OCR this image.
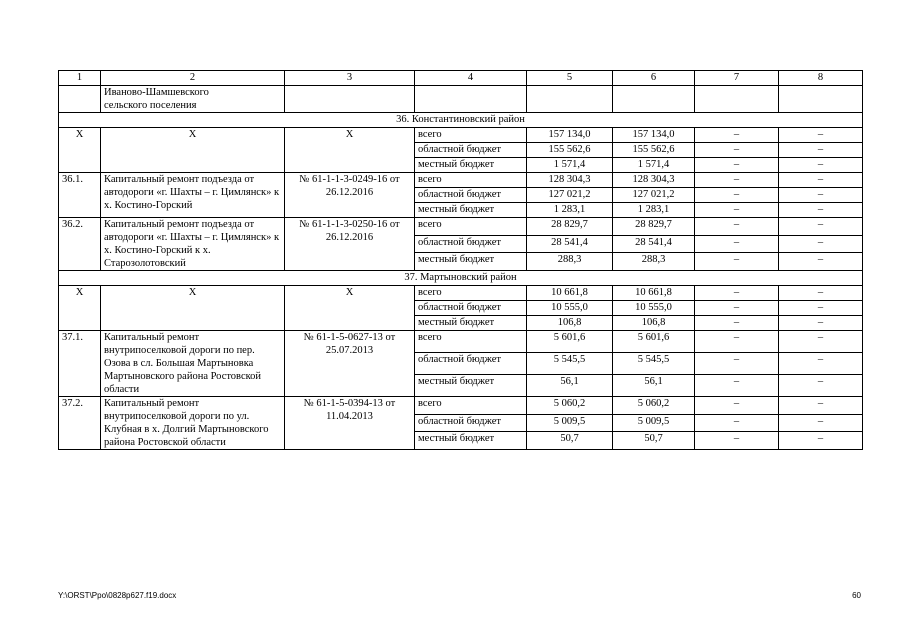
1	2	3	4	5	6	7	8
	Иваново-Шамшевского
сельского поселения						
36. Константиновский район							
Х	Х	Х	всего	157 134,0	157 134,0	–	–
			областной бюджет	155 562,6	155 562,6	–	–
			местный бюджет	1 571,4	1 571,4	–	–
36.1.	Капитальный ремонт подъезда от автодороги «г. Шахты – г. Цимлянск» к х. Костино-Горский	№ 61-1-1-3-0249-16 от 26.12.2016	всего	128 304,3	128 304,3	–	–
			областной бюджет	127 021,2	127 021,2	–	–
			местный бюджет	1 283,1	1 283,1	–	–
36.2.	Капитальный ремонт подъезда от автодороги «г. Шахты – г. Цимлянск» к х. Костино-Горский к х. Старозолотовский	№ 61-1-1-3-0250-16 от 26.12.2016	всего	28 829,7	28 829,7	–	–
			областной бюджет	28 541,4	28 541,4	–	–
			местный бюджет	288,3	288,3	–	–
37. Мартыновский район							
Х	Х	Х	всего	10 661,8	10 661,8	–	–
			областной бюджет	10 555,0	10 555,0	–	–
			местный бюджет	106,8	106,8	–	–
37.1.	Капитальный ремонт внутрипоселковой дороги по пер. Озова в сл. Большая Мартыновка Мартыновского района Ростовской области	№ 61-1-5-0627-13 от 25.07.2013	всего	5 601,6	5 601,6	–	–
			областной бюджет	5 545,5	5 545,5	–	–
			местный бюджет	56,1	56,1	–	–
37.2.	Капитальный ремонт внутрипоселковой дороги по ул. Клубная в х. Долгий Мартыновского района Ростовской области	№ 61-1-5-0394-13 от 11.04.2013	всего	5 060,2	5 060,2	–	–
			областной бюджет	5 009,5	5 009,5	–	–
			местный бюджет	50,7	50,7	–	–
Y:\ORST\Ppo\0828p627.f19.docx	60
